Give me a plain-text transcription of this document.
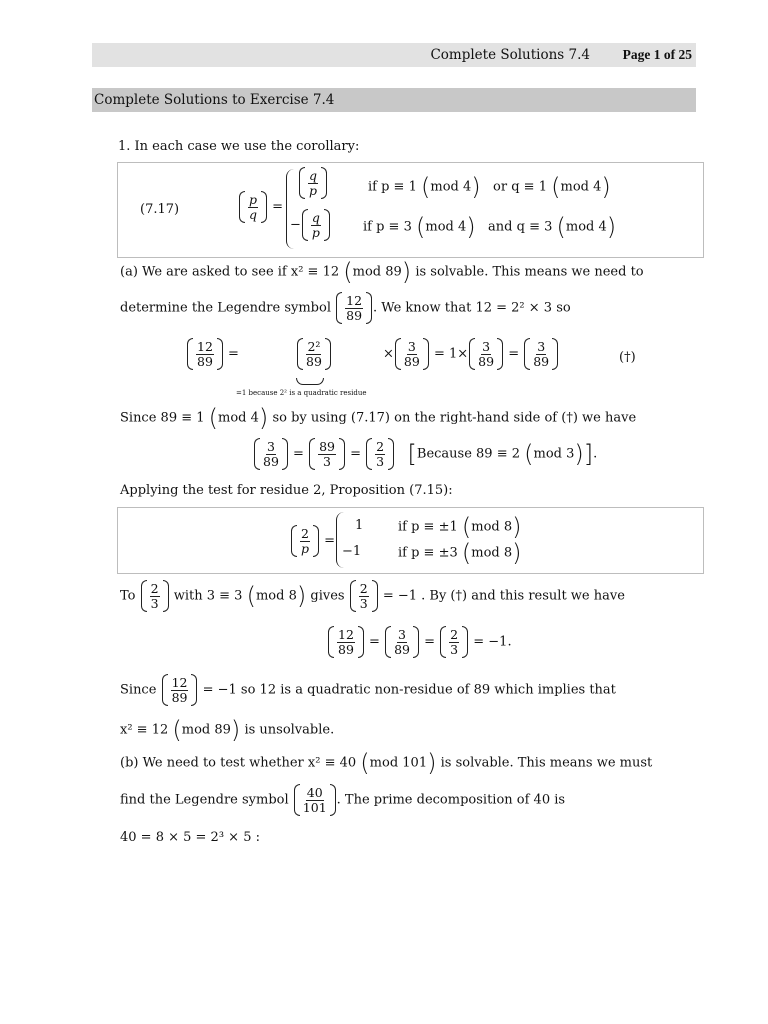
Complete Solutions 7.4 Page 1 of 25
Complete Solutions to Exercise 7.4
1. In each case we use the corollary:
(7.17)	$\frac{p}{q}$ =
$\frac{q}{p}$	if p ≡ 1 (mod 4) or q ≡ 1 (mod 4)
− $\frac{q}{p}$	if p ≡ 3 (mod 4) and q ≡ 3 (mod 4)
(a) We are asked to see if x² ≡ 12 (mod 89) is solvable. This means we need to
determine the Legendre symbol $\frac{12}{89}$ . We know that 12 = 2² × 3 so
$\frac{12}{89}$ =	$\frac{\text{2²}}{89}$	× $\frac{3}{89} = 1\times \frac{3}{89} = \frac{3}{89}$	(†)
=1 because 2² is a quadratic residue
Since 89 ≡ 1 (mod 4) so by using (7.17) on the right-hand side of (†) we have
$\frac{3}{89} = \frac{89}{3} = \frac{2}{3}$ [Because 89 ≡ 2 (mod 3)].
Applying the test for residue 2, Proposition (7.15):
$\frac{2}{p}$ =
1	if p ≡ ±1 (mod 8)
−1	if p ≡ ±3 (mod 8)
To $\frac{2}{3}$ with 3 ≡ 3 (mod 8) gives $\frac{2}{3} = -1$ . By (†) and this result we have
$\frac{12}{89} = \frac{3}{89} = \frac{2}{3} = -1$.
Since $\frac{12}{89} = -1$ so 12 is a quadratic non-residue of 89 which implies that
x² ≡ 12 (mod 89) is unsolvable.
(b) We need to test whether x² ≡ 40 (mod 101) is solvable. This means we must
find the Legendre symbol $\frac{40}{101}$ . The prime decomposition of 40 is
40 = 8 × 5 = 2³ × 5 :
